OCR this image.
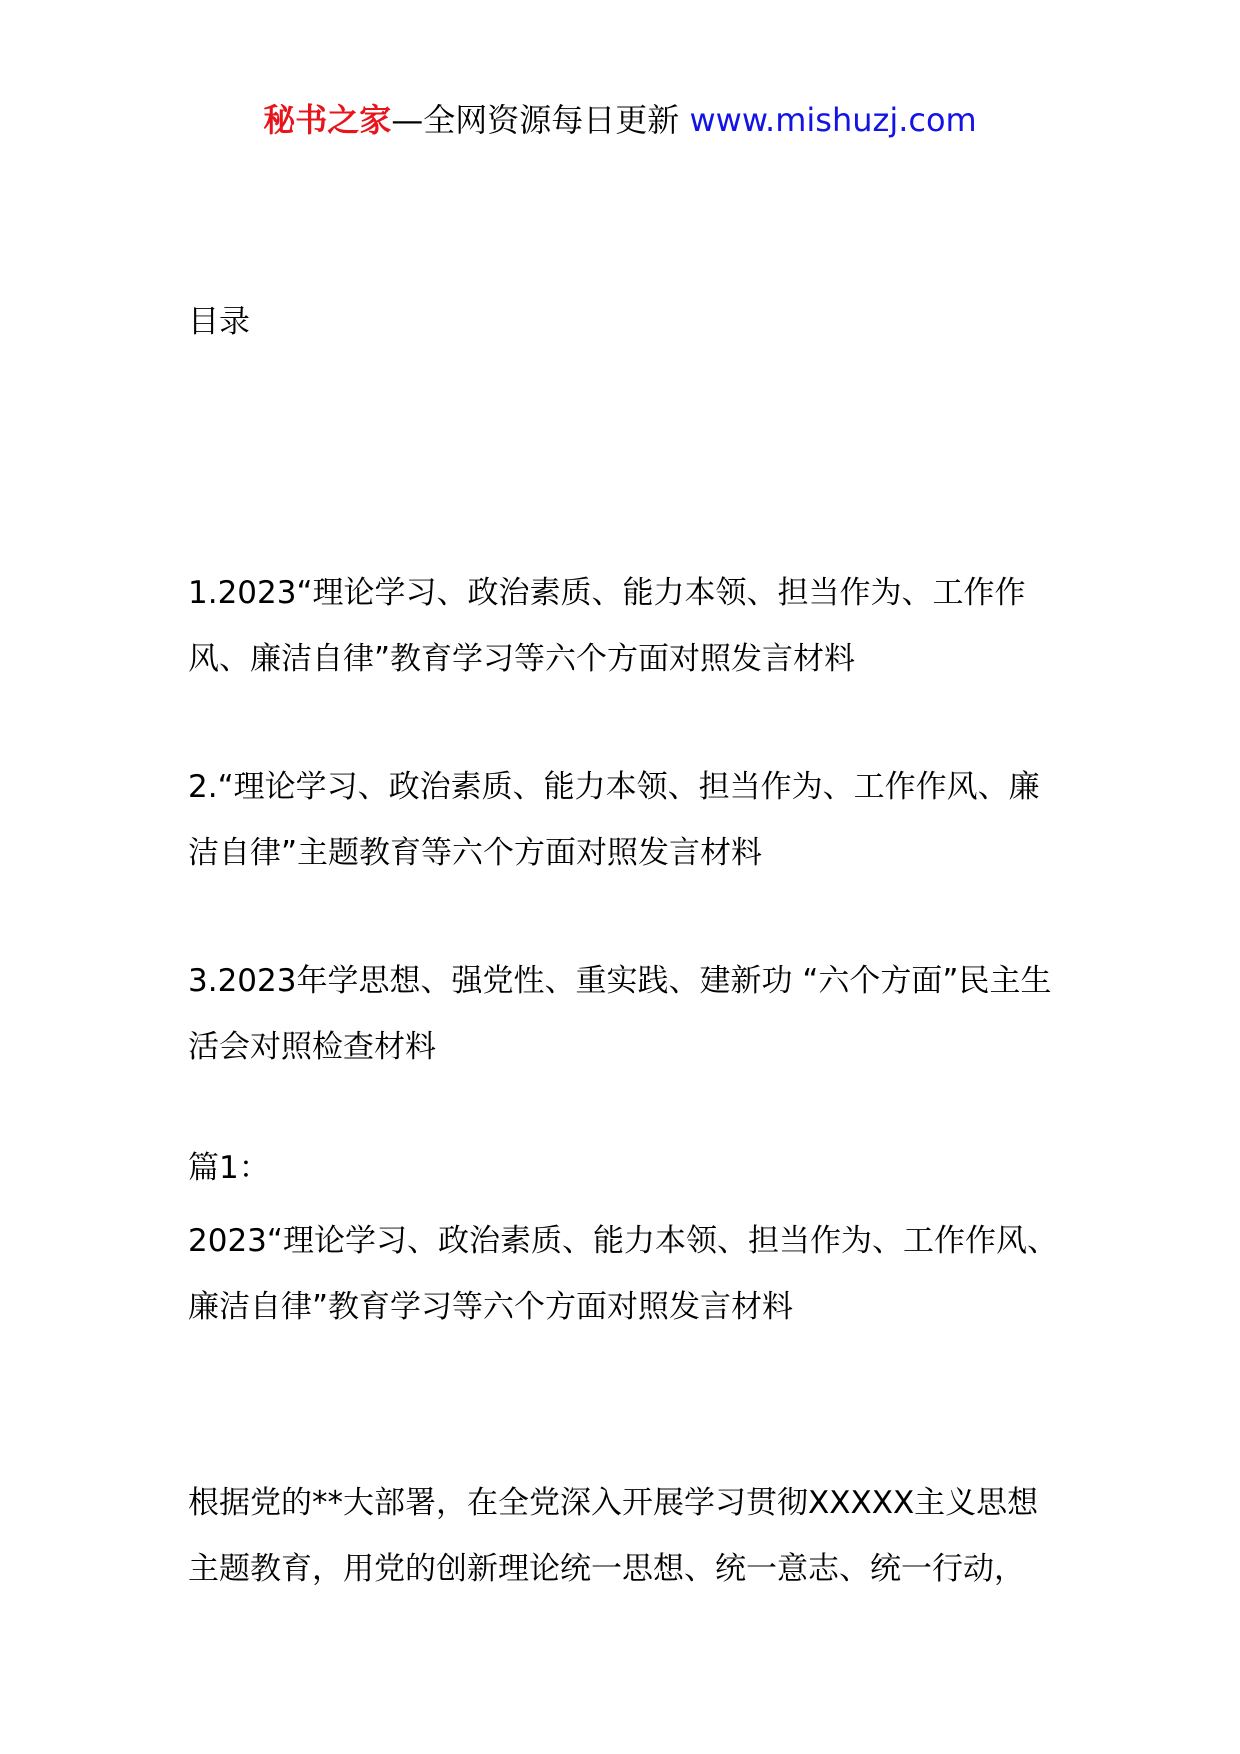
秘书之家—全网资源每日更新 www.mishuzj.com
目录

1.2023“理论学习、政治素质、能力本领、担当作为、工作作风、廉洁自律”教育学习等六个方面对照发言材料

2.“理论学习、政治素质、能力本领、担当作为、工作作风、廉洁自律”主题教育等六个方面对照发言材料

3.2023年学思想、强党性、重实践、建新功 “六个方面”民主生活会对照检查材料

篇1：
2023“理论学习、政治素质、能力本领、担当作为、工作作风、廉洁自律”教育学习等六个方面对照发言材料

根据党的**大部署，在全党深入开展学习贯彻XXXXX主义思想

主题教育，用党的创新理论统一思想、统一意志、统一行动，
